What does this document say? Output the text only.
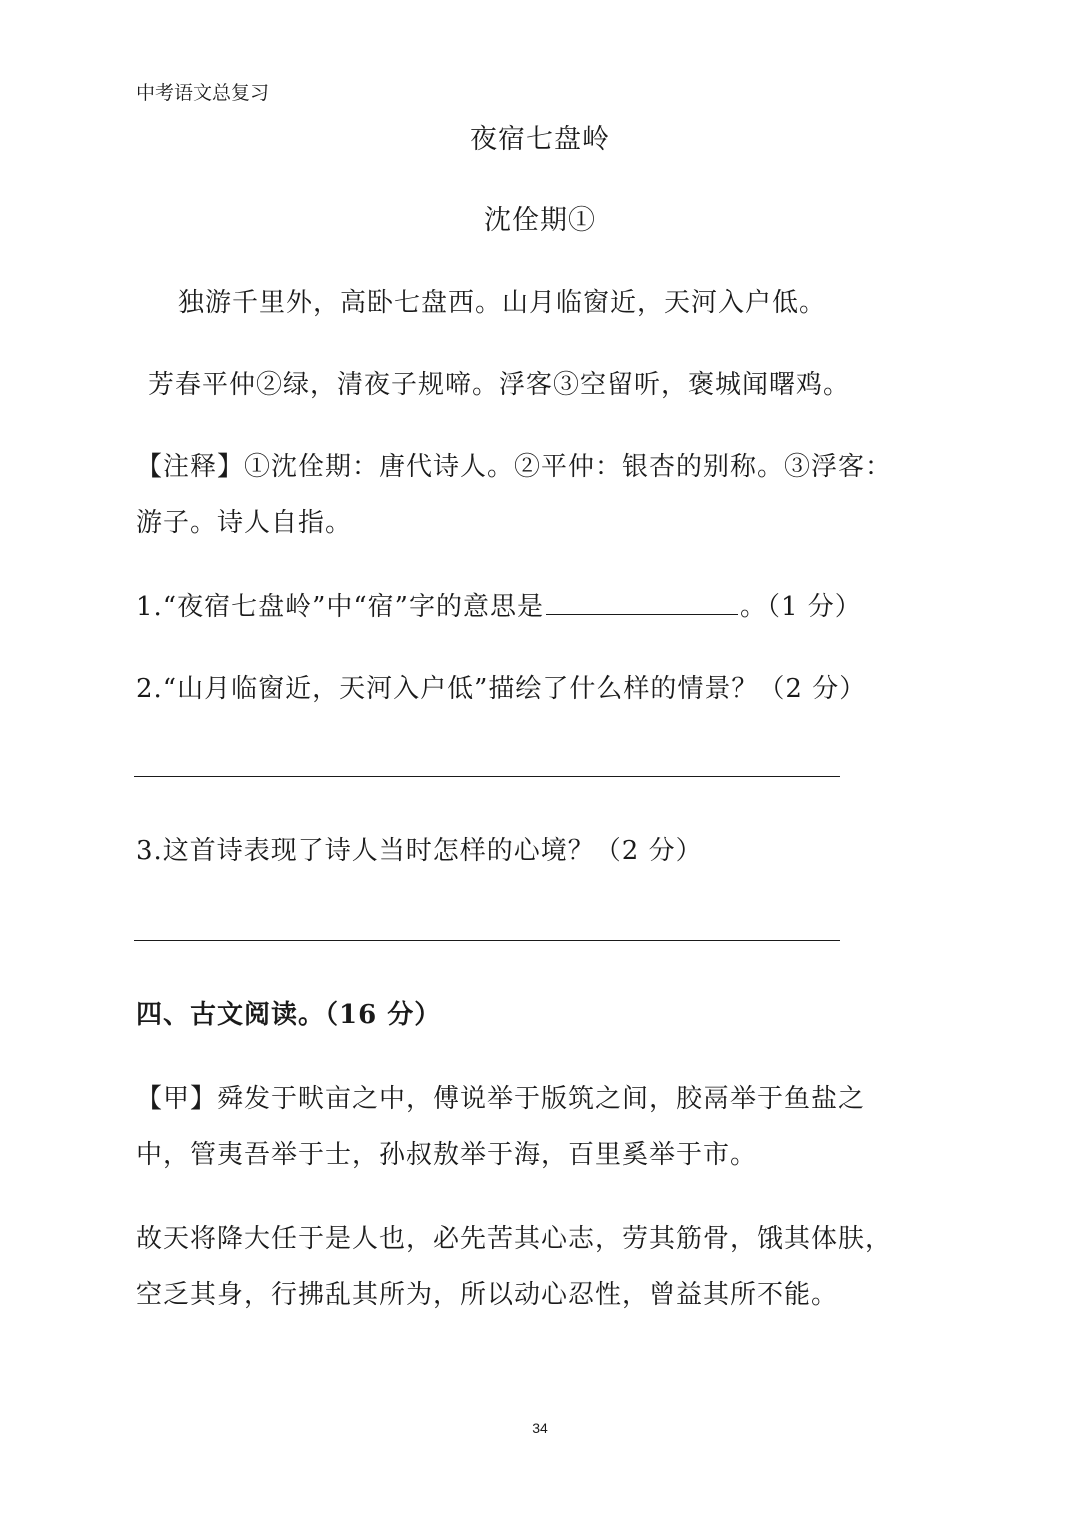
中考语文总复习
夜宿七盘岭
沈佺期①
独游千里外，高卧七盘西。山月临窗近，天河入户低。
芳春平仲②绿，清夜子规啼。浮客③空留听，褒城闻曙鸡。
【注释】①沈佺期：唐代诗人。②平仲：银杏的别称。③浮客：
游子。诗人自指。
1.“夜宿七盘岭”中“宿”字的意思是	。（1 分）
2.“山月临窗近，天河入户低”描绘了什么样的情景？（2 分）
3.这首诗表现了诗人当时怎样的心境？（2 分）
四、古文阅读。（16 分）
【甲】舜发于畎亩之中，傅说举于版筑之间，胶鬲举于鱼盐之
中，管夷吾举于士，孙叔敖举于海，百里奚举于市。
故天将降大任于是人也，必先苦其心志，劳其筋骨，饿其体肤，
空乏其身，行拂乱其所为，所以动心忍性，曾益其所不能。
34
